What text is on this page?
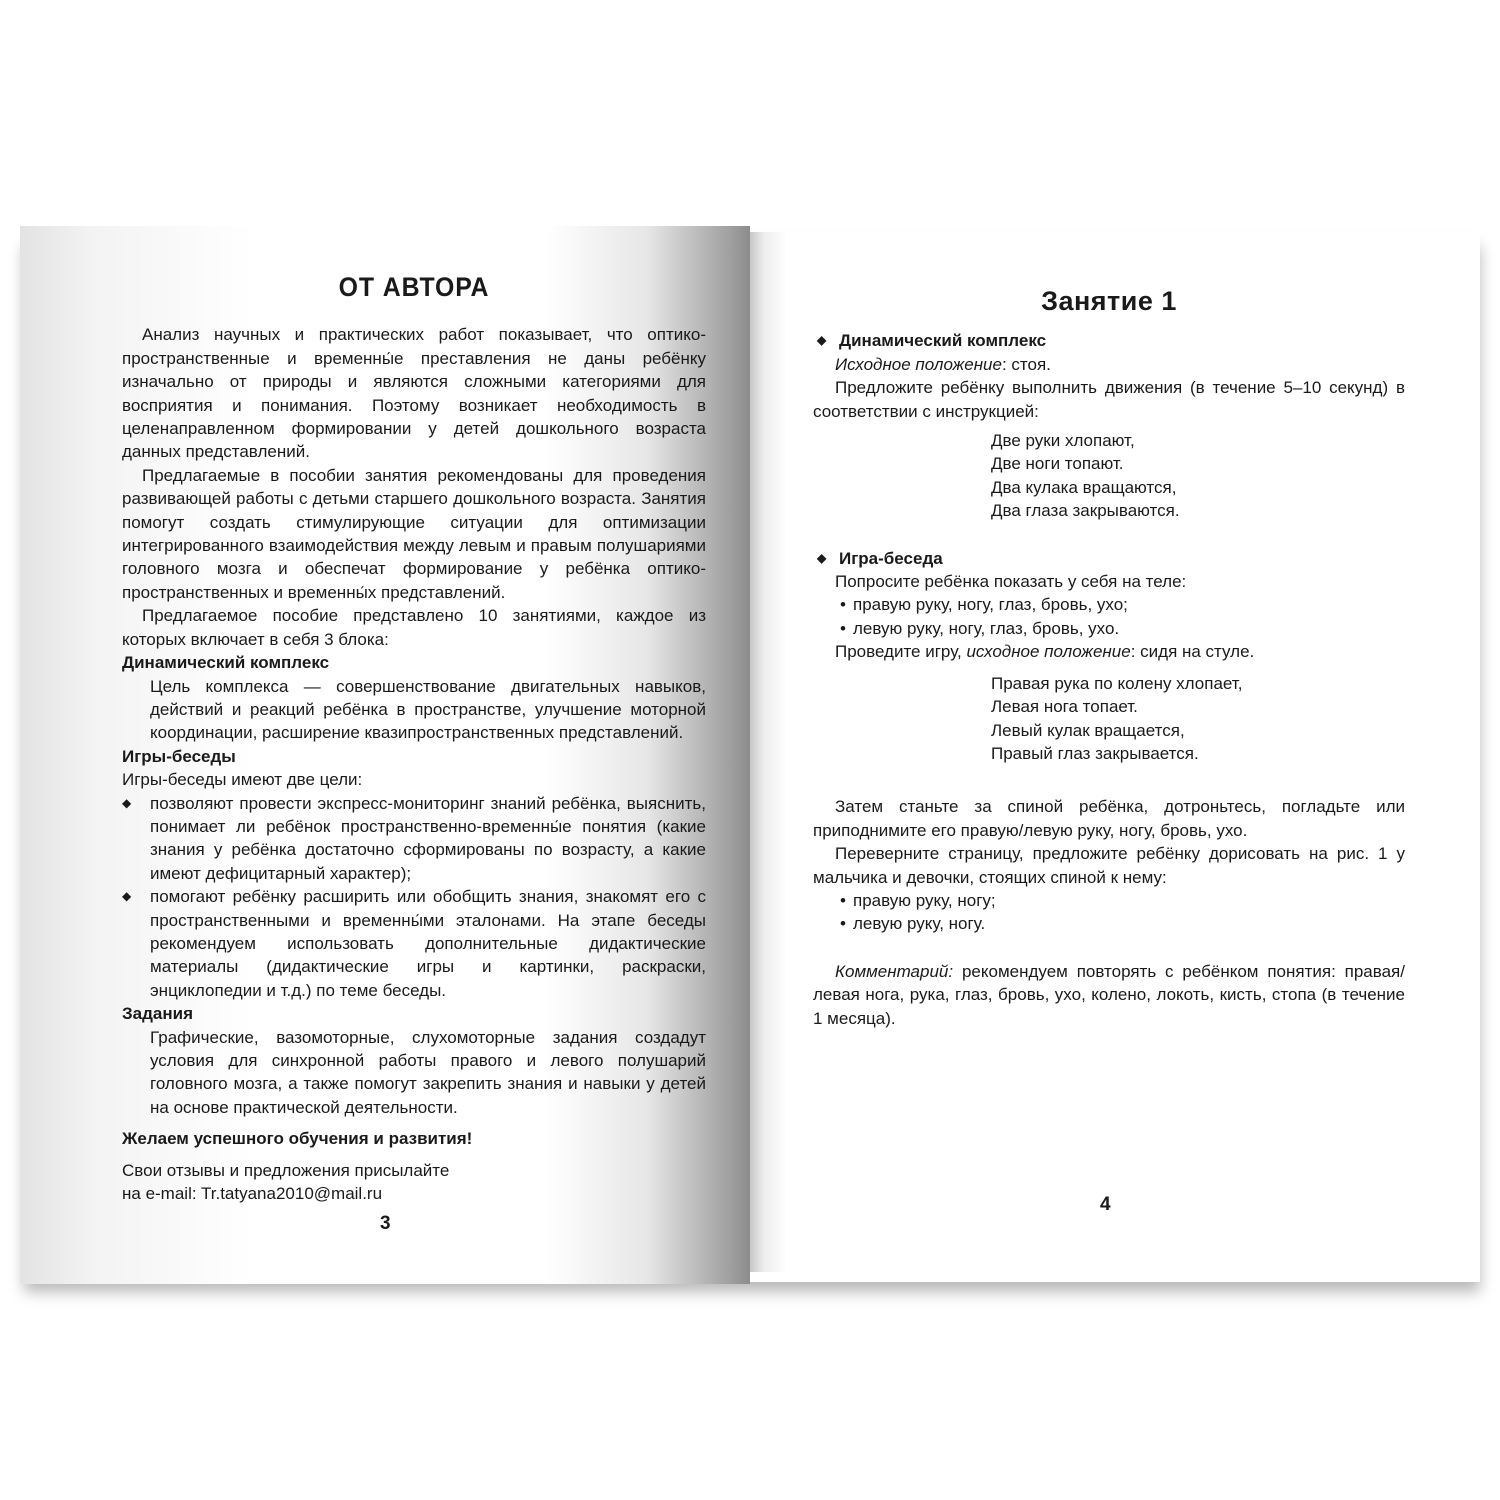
ОТ АВТОРА

Анализ научных и практических работ показывает, что оптико-пространственные и временны́е преставления не даны ребёнку изначально от природы и являются сложными категориями для восприятия и понимания. Поэтому возникает необходимость в целенаправленном формировании у детей дошкольного возраста данных представлений.

Предлагаемые в пособии занятия рекомендованы для проведения развивающей работы с детьми старшего дошкольного возраста. Занятия помогут создать стимулирующие ситуации для оптимизации интегрированного взаимодействия между левым и правым полушариями головного мозга и обеспечат формирование у ребёнка оптико-пространственных и временны́х представлений.

Предлагаемое пособие представлено 10 занятиями, каждое из которых включает в себя 3 блока:

Динамический комплекс

Цель комплекса — совершенствование двигательных навыков, действий и реакций ребёнка в пространстве, улучшение моторной координации, расширение квазипространственных представлений.

Игры-беседы

Игры-беседы имеют две цели:

◆ позволяют провести экспресс-мониторинг знаний ребёнка, выяснить, понимает ли ребёнок пространственно-временны́е понятия (какие знания у ребёнка достаточно сформированы по возрасту, а какие имеют дефицитарный характер);

◆ помогают ребёнку расширить или обобщить знания, знакомят его с пространственными и временны́ми эталонами. На этапе беседы рекомендуем использовать дополнительные дидактические материалы (дидактические игры и картинки, раскраски, энциклопедии и т.д.) по теме беседы.

Задания

Графические, вазомоторные, слухомоторные задания создадут условия для синхронной работы правого и левого полушарий головного мозга, а также помогут закрепить знания и навыки у детей на основе практической деятельности.

Желаем успешного обучения и развития!

Свои отзывы и предложения присылайте

на e-mail: Tr.tatyana2010@mail.ru

3
Занятие 1

◆ Динамический комплекс

Исходное положение: стоя.

Предложите ребёнку выполнить движения (в течение 5–10 секунд) в соответствии с инструкцией:

Две руки хлопают,
Две ноги топают.
Два кулака вращаются,
Два глаза закрываются.

◆ Игра-беседа

Попросите ребёнка показать у себя на теле:

• правую руку, ногу, глаз, бровь, ухо;

• левую руку, ногу, глаз, бровь, ухо.

Проведите игру, исходное положение: сидя на стуле.

Правая рука по колену хлопает,
Левая нога топает.
Левый кулак вращается,
Правый глаз закрывается.

Затем станьте за спиной ребёнка, дотроньтесь, погладьте или приподнимите его правую/левую руку, ногу, бровь, ухо.

Переверните страницу, предложите ребёнку дорисовать на рис. 1 у мальчика и девочки, стоящих спиной к нему:

• правую руку, ногу;

• левую руку, ногу.

Комментарий: рекомендуем повторять с ребёнком понятия: правая/левая нога, рука, глаз, бровь, ухо, колено, локоть, кисть, стопа (в течение 1 месяца).

4
